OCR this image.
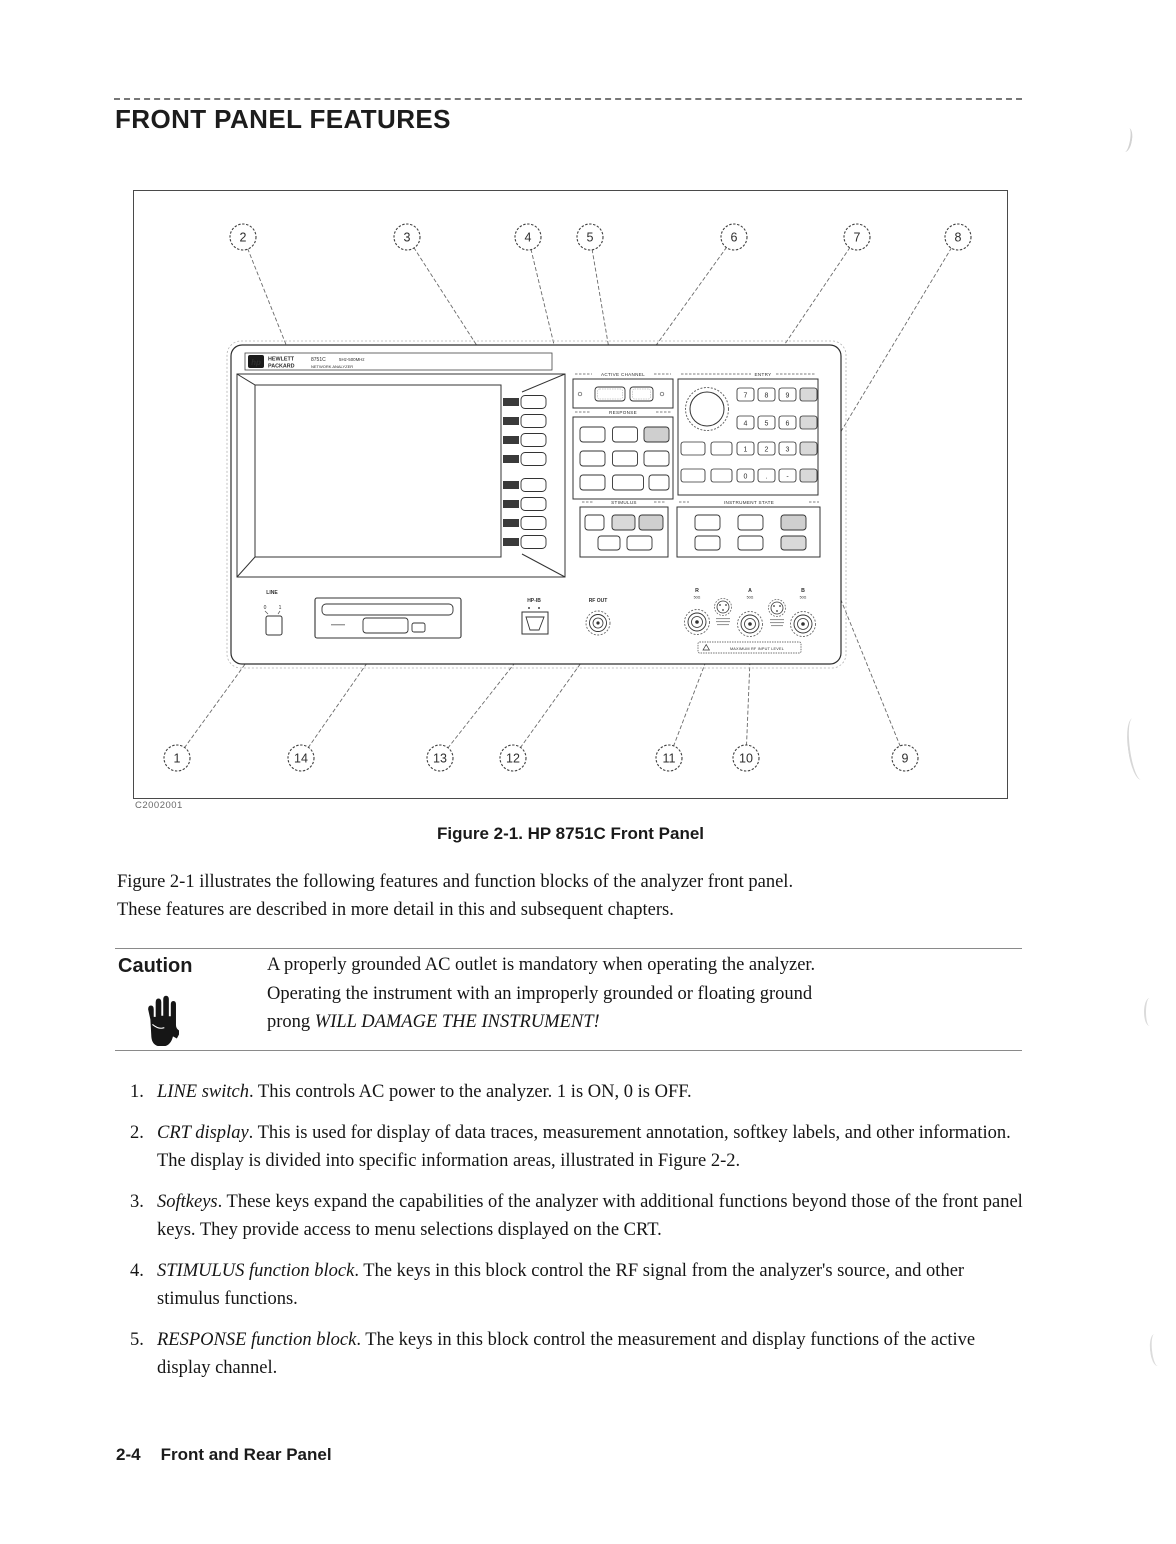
FRONT PANEL FEATURES
hp HEWLETT
PACKARD
8751C	5Hz-500MHz
NETWORK ANALYZER
ACTIVE CHANNEL
RESPONSE
ENTRY
7 8 9
4 5 6
1 2 3
0	.	-
STIMULUS	INSTRUMENT STATE
LINE
0 1
HP-IB	RF OUT
R
50Ω
A
50Ω
B
50Ω
MAXIMUM RF INPUT LEVEL
2	3	4	5	6	7	8
1	14	13	12	11	10	9
C2002001
Figure 2-1. HP 8751C Front Panel
Figure 2-1 illustrates the following features and function blocks of the analyzer front panel.
These features are described in more detail in this and subsequent chapters.
Caution	A properly grounded AC outlet is mandatory when operating the analyzer.
Operating the instrument with an improperly grounded or floating ground
prong WILL DAMAGE THE INSTRUMENT!
1. LINE switch. This controls AC power to the analyzer. 1 is ON, 0 is OFF.
2. CRT display. This is used for display of data traces, measurement annotation, softkey labels, and other information. The display is divided into specific information areas, illustrated in Figure 2-2.
3. Softkeys. These keys expand the capabilities of the analyzer with additional functions beyond those of the front panel keys. They provide access to menu selections displayed on the CRT.
4. STIMULUS function block. The keys in this block control the RF signal from the analyzer's source, and other stimulus functions.
5. RESPONSE function block. The keys in this block control the measurement and display functions of the active display channel.
2-4 Front and Rear Panel
